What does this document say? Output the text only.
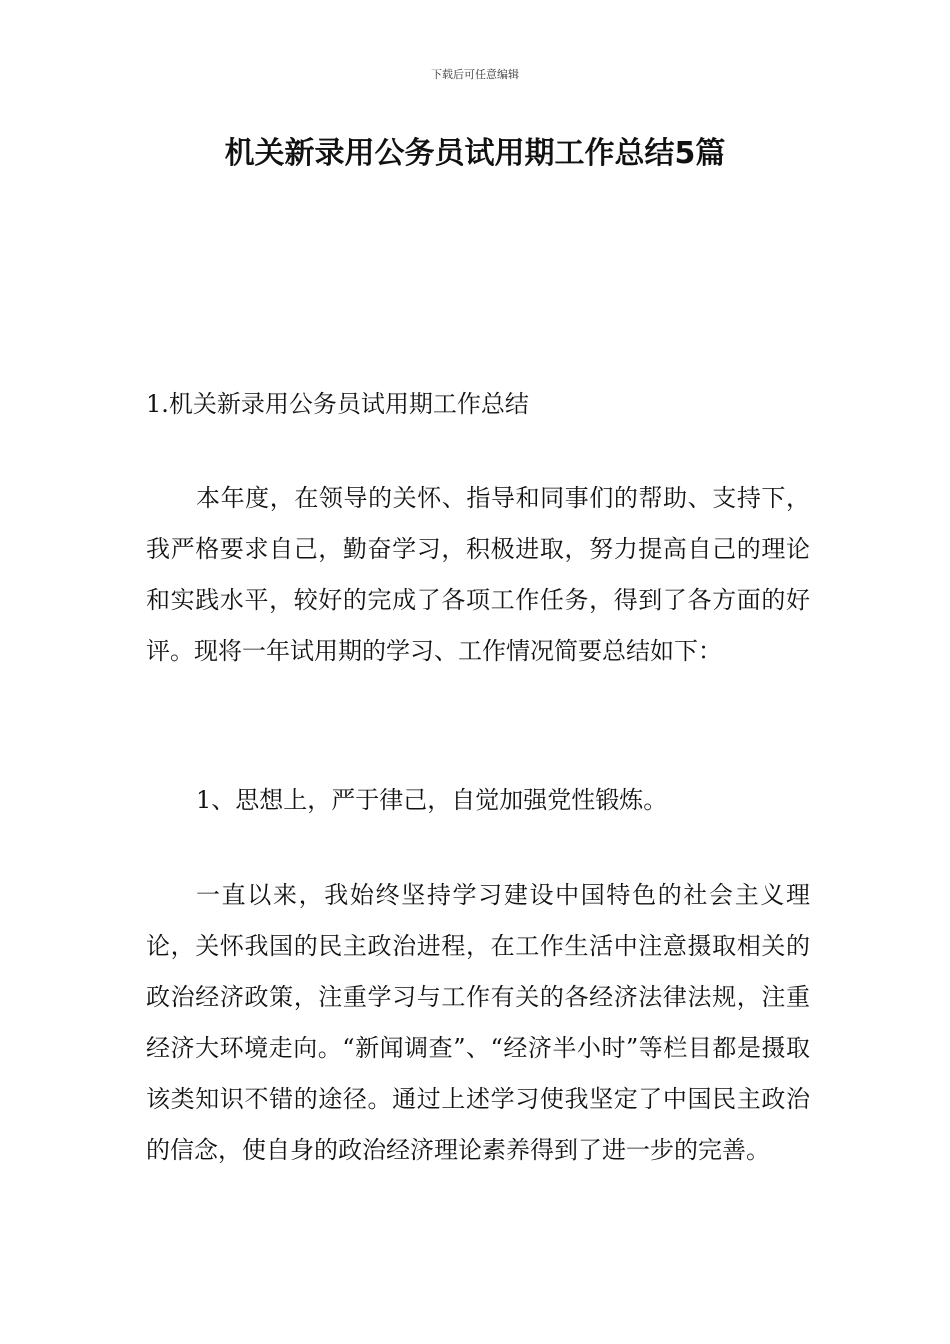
下载后可任意编辑
机关新录用公务员试用期工作总结5篇
1.机关新录用公务员试用期工作总结

本年度，在领导的关怀、指导和同事们的帮助、支持下，我严格要求自己，勤奋学习，积极进取，努力提高自己的理论和实践水平，较好的完成了各项工作任务，得到了各方面的好评。现将一年试用期的学习、工作情况简要总结如下：

1、思想上，严于律己，自觉加强党性锻炼。

一直以来，我始终坚持学习建设中国特色的社会主义理论，关怀我国的民主政治进程，在工作生活中注意摄取相关的政治经济政策，注重学习与工作有关的各经济法律法规，注重经济大环境走向。“新闻调查”、“经济半小时”等栏目都是摄取该类知识不错的途径。通过上述学习使我坚定了中国民主政治的信念，使自身的政治经济理论素养得到了进一步的完善。
